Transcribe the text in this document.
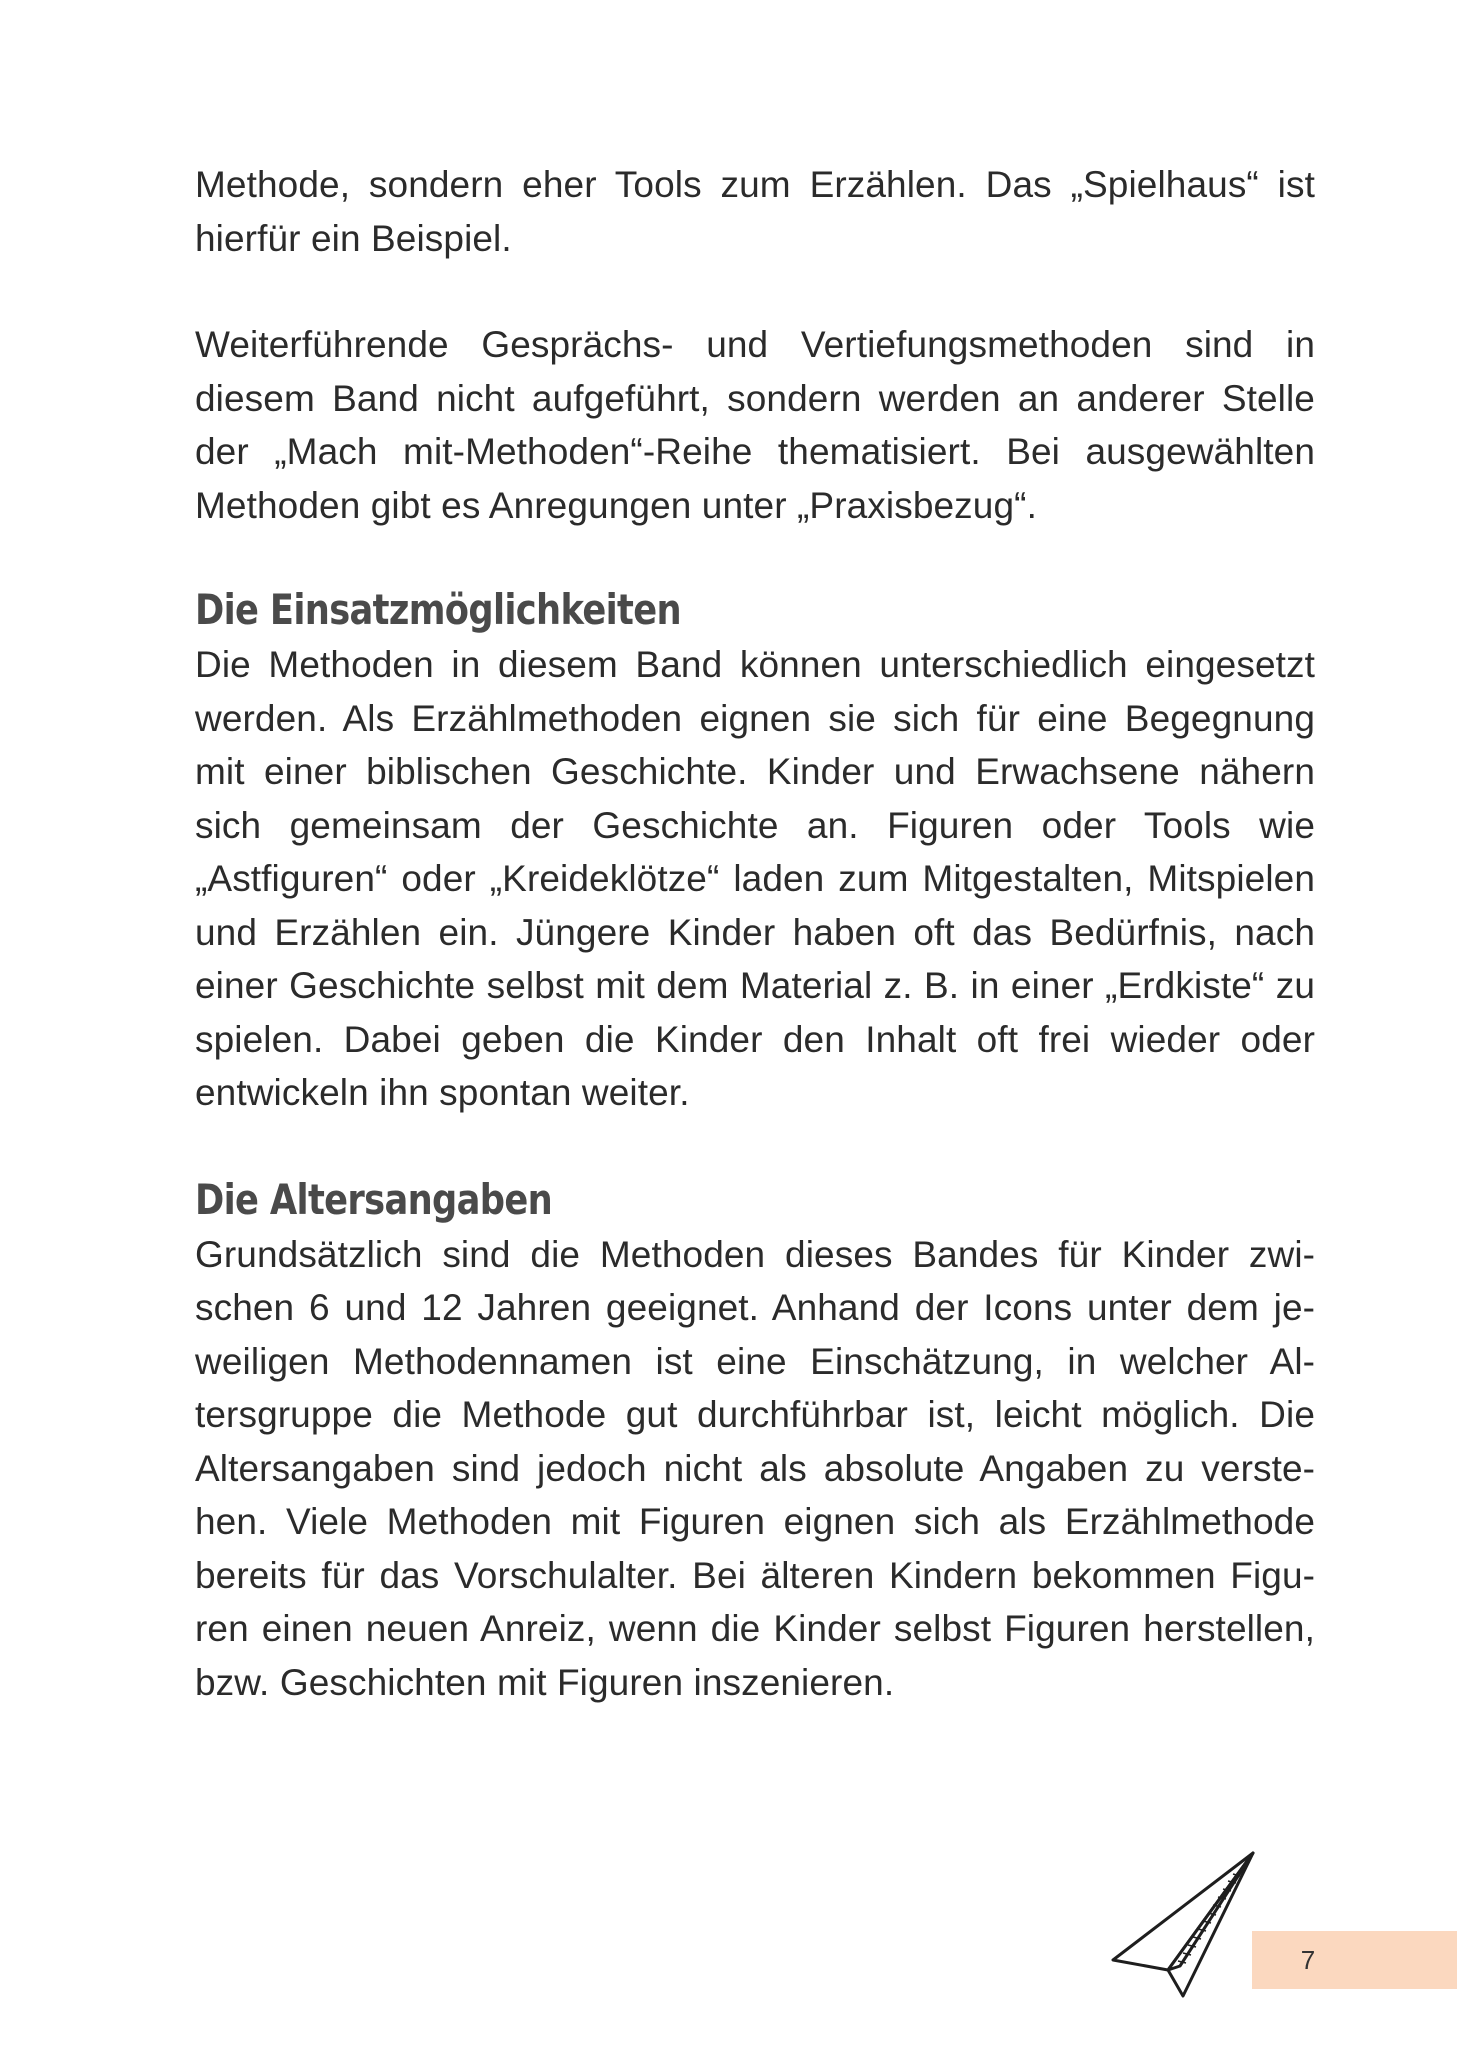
Methode, sondern eher Tools zum Erzählen. Das „Spielhaus“ ist hierfür ein Beispiel.

Weiterführende Gesprächs- und Vertiefungsmethoden sind in diesem Band nicht aufgeführt, sondern werden an anderer Stelle der „Mach mit-Methoden“-Reihe thematisiert. Bei ausgewählten Methoden gibt es Anregungen unter „Praxisbezug“.

Die Einsatzmöglichkeiten

Die Methoden in diesem Band können unterschiedlich eingesetzt werden. Als Erzählmethoden eignen sie sich für eine Begegnung mit einer biblischen Geschichte. Kinder und Erwachsene nähern sich gemeinsam der Geschichte an. Figuren oder Tools wie „Astfiguren“ oder „Kreideklötze“ laden zum Mitgestalten, Mitspielen und Erzählen ein. Jüngere Kinder haben oft das Bedürfnis, nach einer Geschichte selbst mit dem Material z. B. in einer „Erdkiste“ zu spielen. Dabei geben die Kinder den Inhalt oft frei wieder oder entwickeln ihn spontan weiter.

Die Altersangaben

Grundsätzlich sind die Methoden dieses Bandes für Kinder zwischen 6 und 12 Jahren geeignet. Anhand der Icons unter dem jeweiligen Methodennamen ist eine Einschätzung, in welcher Altersgruppe die Methode gut durchführbar ist, leicht möglich. Die Altersangaben sind jedoch nicht als absolute Angaben zu verstehen. Viele Methoden mit Figuren eignen sich als Erzählmethode bereits für das Vorschulalter. Bei älteren Kindern bekommen Figuren einen neuen Anreiz, wenn die Kinder selbst Figuren herstellen, bzw. Geschichten mit Figuren inszenieren.

7
